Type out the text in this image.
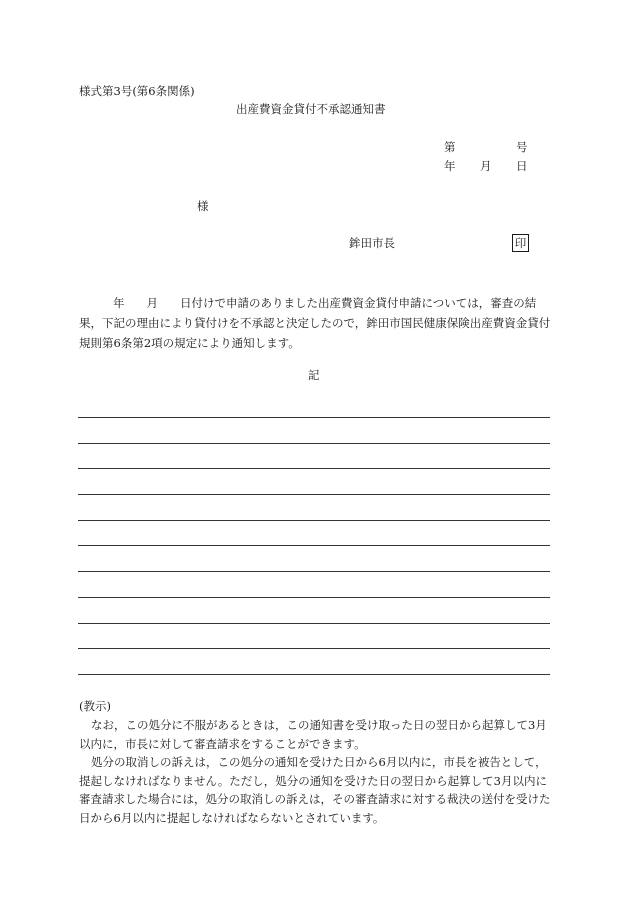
様式第3号(第6条関係)
出産費資金貸付不承認通知書
第	号
年 月 日
様
鉾田市長	印
年 月 日付けで申請のありました出産費資金貸付申請については，審査の結果，下記の理由により貸付けを不承認と決定したので，鉾田市国民健康保険出産費資金貸付規則第6条第2項の規定により通知します。
記
(教示)

なお，この処分に不服があるときは，この通知書を受け取った日の翌日から起算して3月以内に，市長に対して審査請求をすることができます。

処分の取消しの訴えは，この処分の通知を受けた日から6月以内に，市長を被告として，提起しなければなりません。ただし，処分の通知を受けた日の翌日から起算して3月以内に審査請求した場合には，処分の取消しの訴えは，その審査請求に対する裁決の送付を受けた日から6月以内に提起しなければならないとされています。
